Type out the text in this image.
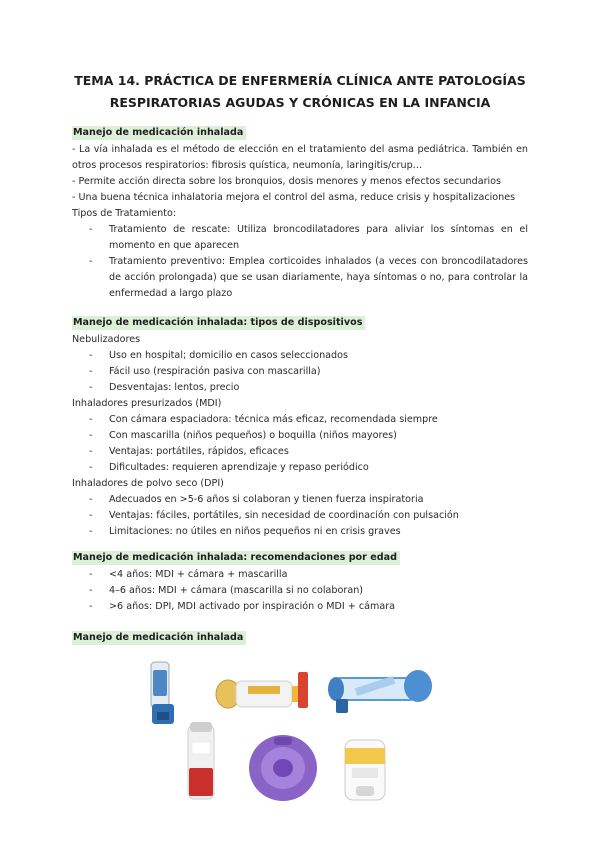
TEMA 14. PRÁCTICA DE ENFERMERÍA CLÍNICA ANTE PATOLOGÍAS
RESPIRATORIAS AGUDAS Y CRÓNICAS EN LA INFANCIA
Manejo de medicación inhalada

- La vía inhalada es el método de elección en el tratamiento del asma pediátrica. También en otros procesos respiratorios: fibrosis quística, neumonía, laringitis/crup…

- Permite acción directa sobre los bronquios, dosis menores y menos efectos secundarios

- Una buena técnica inhalatoria mejora el control del asma, reduce crisis y hospitalizaciones

Tipos de Tratamiento:

- Tratamiento de rescate: Utiliza broncodilatadores para aliviar los síntomas en el momento en que aparecen
- Tratamiento preventivo: Emplea corticoides inhalados (a veces con broncodilatadores de acción prolongada) que se usan diariamente, haya síntomas o no, para controlar la enfermedad a largo plazo
Manejo de medicación inhalada: tipos de dispositivos

Nebulizadores

- Uso en hospital; domicilio en casos seleccionados
- Fácil uso (respiración pasiva con mascarilla)
- Desventajas: lentos, precio

Inhaladores presurizados (MDI)

- Con cámara espaciadora: técnica más eficaz, recomendada siempre
- Con mascarilla (niños pequeños) o boquilla (niños mayores)
- Ventajas: portátiles, rápidos, eficaces
- Dificultades: requieren aprendizaje y repaso periódico

Inhaladores de polvo seco (DPI)

- Adecuados en >5-6 años si colaboran y tienen fuerza inspiratoria
- Ventajas: fáciles, portátiles, sin necesidad de coordinación con pulsación
- Limitaciones: no útiles en niños pequeños ni en crisis graves
Manejo de medicación inhalada: recomendaciones por edad
- <4 años: MDI + cámara + mascarilla
- 4–6 años: MDI + cámara (mascarilla si no colaboran)
- >6 años: DPI, MDI activado por inspiración o MDI + cámara
Manejo de medicación inhalada
